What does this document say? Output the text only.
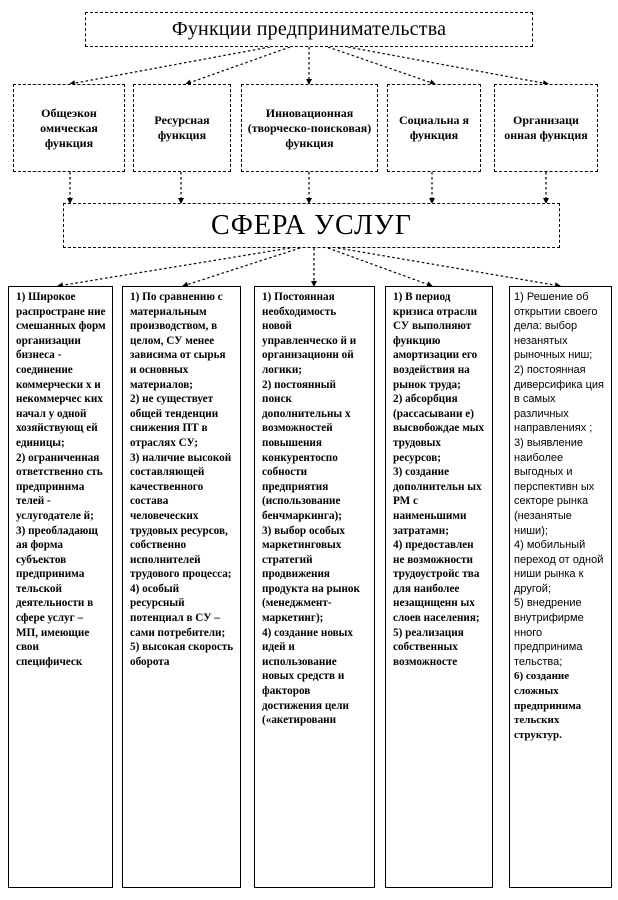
Функции предпринимательства
Общеэкон омическая функция
Ресурсная функция
Инновационная (творческо-поисковая) функция
Социальна я функция
Организаци онная функция
СФЕРА УСЛУГ

1) Широкое распростране ние смешанных форм организации бизнеса - соединение коммерчески х и некоммерчес ких начал у одной хозяйствующ ей единицы;

2) ограниченная ответственно сть предпринима телей - услугодателе й;

3) преобладающ ая форма субъектов предпринима тельской деятельности в сфере услуг – МП, имеющие свои специфическ

1) По сравнению с материальным производством, в целом, СУ менее зависима от сырья и основных материалов;

2) не существует общей тенденции снижения ПТ в отраслях СУ;

3) наличие высокой составляющей качественного состава человеческих трудовых ресурсов, собственно исполнителей трудового процесса;

4) особый ресурсный потенциал в СУ – сами потребители;

5) высокая скорость оборота

1) Постоянная необходимость новой управленческо й и организационн ой логики;

2) постоянный поиск дополнительны х возможностей повышения конкурентоспо собности предприятия (использование бенчмаркинга);

3) выбор особых маркетинговых стратегий продвижения продукта на рынок (менеджмент-маркетинг);

4) создание новых идей и использование новых средств и факторов достижения цели («акетировани

1) В период кризиса отрасли СУ выполняют функцию амортизации его воздействия на рынок труда;

2) абсорбция (рассасывани е) высвобождае мых трудовых ресурсов;

3) создание дополнительн ых РМ с наименьшими затратами;

4) предоставлен не возможности трудоустройс тва для наиболее незащищенн ых слоев населения;

5) реализация собственных возможносте

1) Решение об открытии своего дела: выбор незанятых рыночных ниш;

2) постоянная диверсифика ция в самых различных направлениях ;

3) выявление наиболее выгодных и перспективн ых секторе рынка (незанятые ниши);

4) мобильный переход от одной ниши рынка к другой;

5) внедрение внутрифирме нного предпринима тельства;

6) создание сложных предпринима тельских структур.
